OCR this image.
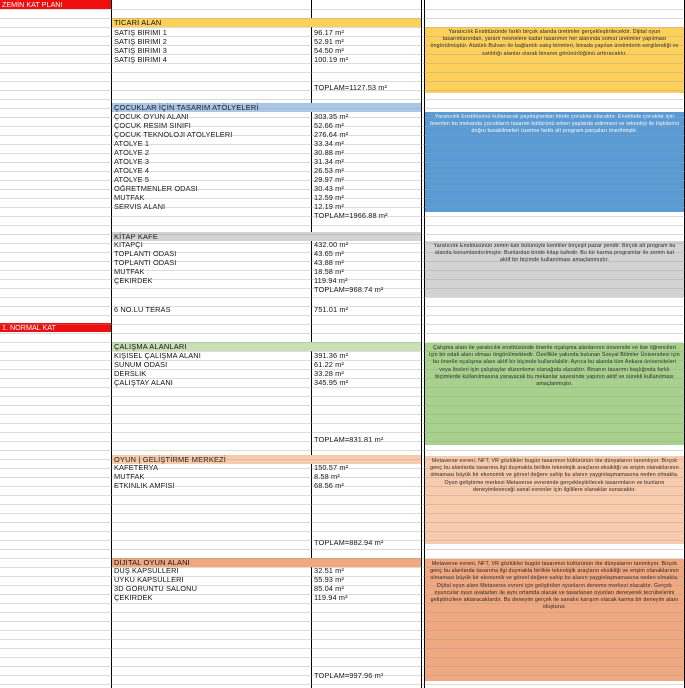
ZEMİN KAT PLANI
1. NORMAL KAT
TİCARİ ALAN
Yaratıcılık Enstitüsünde farklı birçok alanda üretimler gerçekleştirilecektir. Dijital oyun tasarımlarından, yararlı nesnelere kadar tasarımın her alanında somut üretimler yapılması öngörülmüştür. Atatürk Bulvarı ile bağlantılı satış birimleri, binada yapılan üretimlerin sergilendiği ve satıldığı alanlar olarak binanın görünürlüğünü arttıracaktır.
SATIŞ BİRİMİ 1	96.17 m²
SATIŞ BİRİMİ 2	52.91 m²
SATIŞ BİRİMİ 3	54.50 m²
SATIŞ BİRİMİ 4	100.19 m²
TOPLAM=1127.53 m²
ÇOCUKLAR İÇİN TASARIM ATÖLYELERİ
Yaratıcılık Enstitüsünü kullanacak paydaşlardan biride çocuklar olacaktır. Enstitüde çocuklar için önerilen bu mekanda çocukların tasarım kültürünü erken yaşlarda edinmesi ve teknoloji ile ilişkilerini doğru kurabilmeleri üzerine farklı alt program parçaları önerilmiştir.
ÇOCUK OYUN ALANI	303.35 m²
ÇOCUK RESİM SINIFI	52.66 m²
ÇOCUK TEKNOLOJİ ATÖLYELERİ	276.64 m²
ATÖLYE 1	33.34 m²
ATÖLYE 2	30.88 m²
ATÖLYE 3	31.34 m²
ATÖLYE 4	26.53 m²
ATÖLYE 5	29.97 m²
ÖĞRETMENLER ODASI	30.43 m²
MUTFAK	12.59 m²
SERVİS ALANI	12.19 m²
TOPLAM=1966.88 m²
KİTAP KAFE
Yaratıcılık Enstitüsünün zemin katı bütünüyle kentliler birçeşit pazar yeridir. Birçok alt program bu alanda konumlandırılmıştır. Bunlardan biride kitap kafedir. Bu tür karma programlar ile zemin kat aktif bir biçimde kullanılması amaçlanmıştır.
KİTAPÇI	432.00 m²
TOPLANTI ODASI	43.65 m²
TOPLANTI ODASI	43.88 m²
MUTFAK	18.58 m²
ÇEKİRDEK	119.94 m²
TOPLAM=968.74 m²
6 NO.LU TERAS	751.01 m²
ÇALIŞMA ALANLARI	Çalışma alanı ile yaratıcılık enstitüsünde önerile nçalışma alanlarının üniversite ve lise öğrencileri için bir odak alanı olması öngörülmektedir. Özellikle yakında bulunan Sosyal Bilimler Üniversitesi için bu önerile nçalışma alanı aktif bir biçimde kullanılabilir. Ayrıca bu alanda tüm Ankara üniversiteleri veya liseleri için çalıştaylar düzenleme olanağıda olacaktır. Binanın tasarımı başlığında farklı biçimlerde kullanılmasına yarayacak bu mekanlar sayesinde yapının aktif ve sürekli kullanılması amaçlanmıştır.
KİŞİSEL ÇALIŞMA ALANI	391.36 m²
SUNUM ODASI	61.22 m²
DERSLİK	33.28 m²
ÇALIŞTAY ALANI	345.95 m²
TOPLAM=831.81 m²
OYUN | GELİŞTİRME MERKEZİ	Metaverse evreni, NFT, VR gözlükler bugün tasarımın kültürünün öte dünyalarını tanımlıyor. Birçok genç bu alanlarda tasarıma ilgi duymakla birlikte teknolojik araçların eksikliği ve erişim olanaklarının olmaması büyük bir ekonomik ve görsel değere sahip bu alanın yayginlaşmamasına neden olmakta. Oyun geliştirme merkezi Metaverse evreninde gerçekleştirilecek tasarımların ve bunların deneyimleneceği sanal evrenler için ilgililere olanaklar sunacaktır.
KAFETERYA	150.57 m²
MUTFAK	8.58 m²
ETKİNLİK AMFİSİ	68.56 m²
TOPLAM=882.94 m²
DİJİTAL OYUN ALANI	Metaverse evreni, NFT, VR gözlükler bugün tasarımın kültürünün öte dünyalarını tanımlıyor. Birçok genç bu alanlarda tasarıma ilgi duymakla birlikte teknolojik araçların eksikliği ve erişim olanaklarının olmaması büyük bir ekonomik ve görsel değere sahip bu alanın yayginlaşmamasına neden olmakta. Dijital oyun alanı Metaverse evreni için geliştirilen oyunların deneme merkezi olacaktır. Gerçek oyuncular oyun avatarları ile aynı ortamda olacak ve tasarlanan oyunları deneyerek tecrübelerini geliştiricilere aktaracaklardır. Bu deneyim gerçek ile sanalın karışım olacak karma bir deneyim alanı oluşturur.
DUŞ KAPSÜLLERİ	32.51 m²
UYKU KAPSÜLLERİ	55.93 m²
3D GÖRÜNTÜ SALONU	85.04 m²
ÇEKİRDEK	119.94 m²
TOPLAM=997.96 m²
